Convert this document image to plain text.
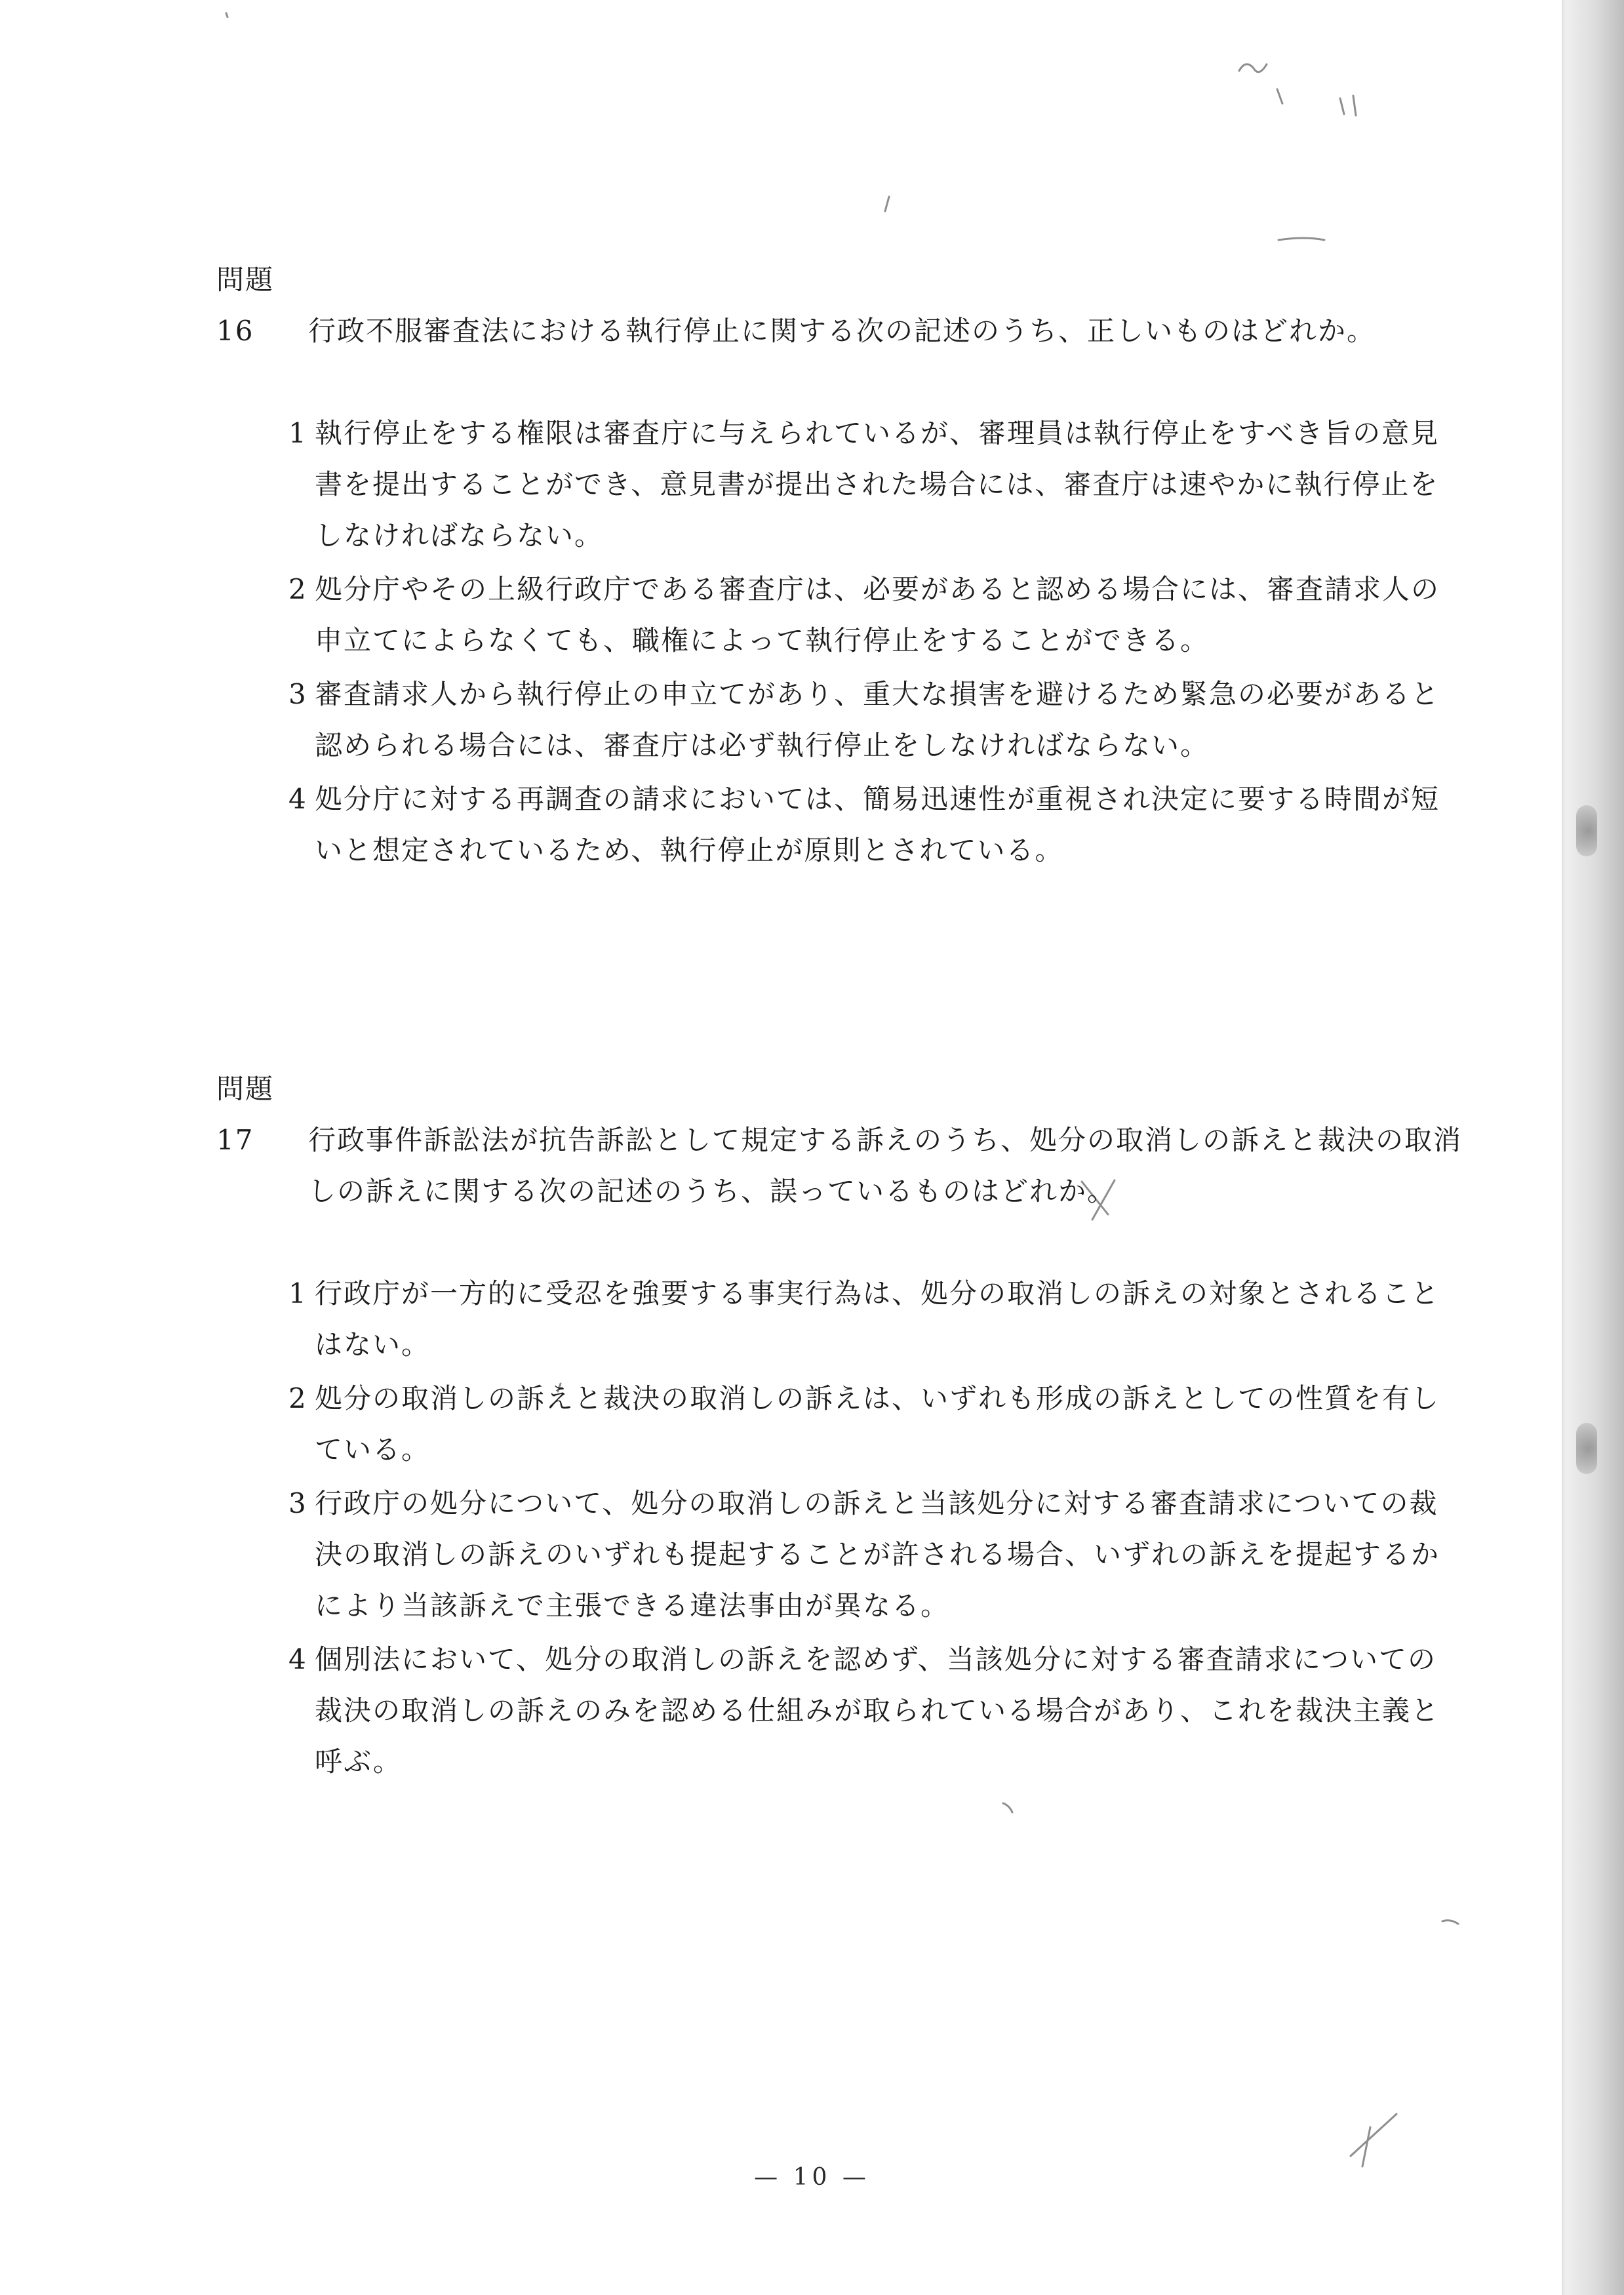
問題16 行政不服審査法における執行停止に関する次の記述のうち、正しいものはどれか。

1 執行停止をする権限は審査庁に与えられているが、審理員は執行停止をすべき旨の意見書を提出することができ、意見書が提出された場合には、審査庁は速やかに執行停止をしなければならない。
2 処分庁やその上級行政庁である審査庁は、必要があると認める場合には、審査請求人の申立てによらなくても、職権によって執行停止をすることができる。
3 審査請求人から執行停止の申立てがあり、重大な損害を避けるため緊急の必要があると認められる場合には、審査庁は必ず執行停止をしなければならない。
4 処分庁に対する再調査の請求においては、簡易迅速性が重視され決定に要する時間が短いと想定されているため、執行停止が原則とされている。

問題17 行政事件訴訟法が抗告訴訟として規定する訴えのうち、処分の取消しの訴えと裁決の取消しの訴えに関する次の記述のうち、誤っているものはどれか。

1 行政庁が一方的に受忍を強要する事実行為は、処分の取消しの訴えの対象とされることはない。
2 処分の取消しの訴えと裁決の取消しの訴えは、いずれも形成の訴えとしての性質を有している。
3 行政庁の処分について、処分の取消しの訴えと当該処分に対する審査請求についての裁決の取消しの訴えのいずれも提起することが許される場合、いずれの訴えを提起するかにより当該訴えで主張できる違法事由が異なる。
4 個別法において、処分の取消しの訴えを認めず、当該処分に対する審査請求についての裁決の取消しの訴えのみを認める仕組みが取られている場合があり、これを裁決主義と呼ぶ。
— 10 —
